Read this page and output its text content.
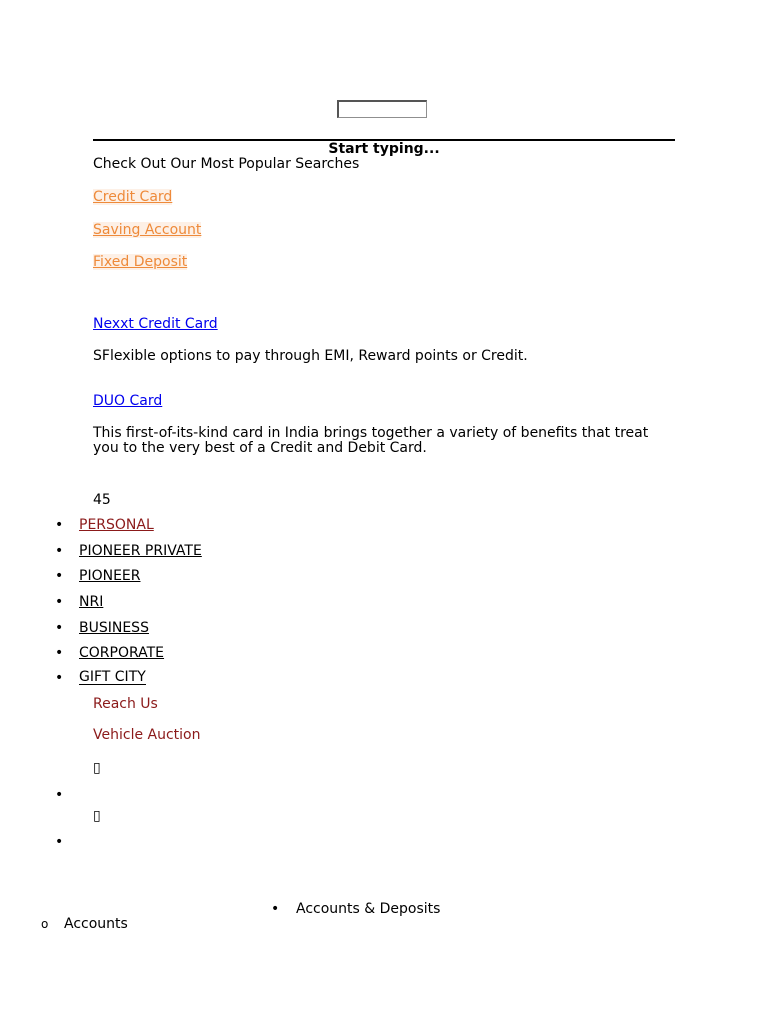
Start typing...
Check Out Our Most Popular Searches
Credit Card
Saving Account
Fixed Deposit
Nexxt Credit Card
SFlexible options to pay through EMI, Reward points or Credit.
DUO Card
This first-of-its-kind card in India brings together a variety of benefits that treat you to the very best of a Credit and Debit Card.
45
• PERSONAL
• PIONEER PRIVATE
• PIONEER
• NRI
• BUSINESS
• CORPORATE
• GIFT CITY
Reach Us
Vehicle Auction
▯
•
▯
•
• Accounts & Deposits
o Accounts
